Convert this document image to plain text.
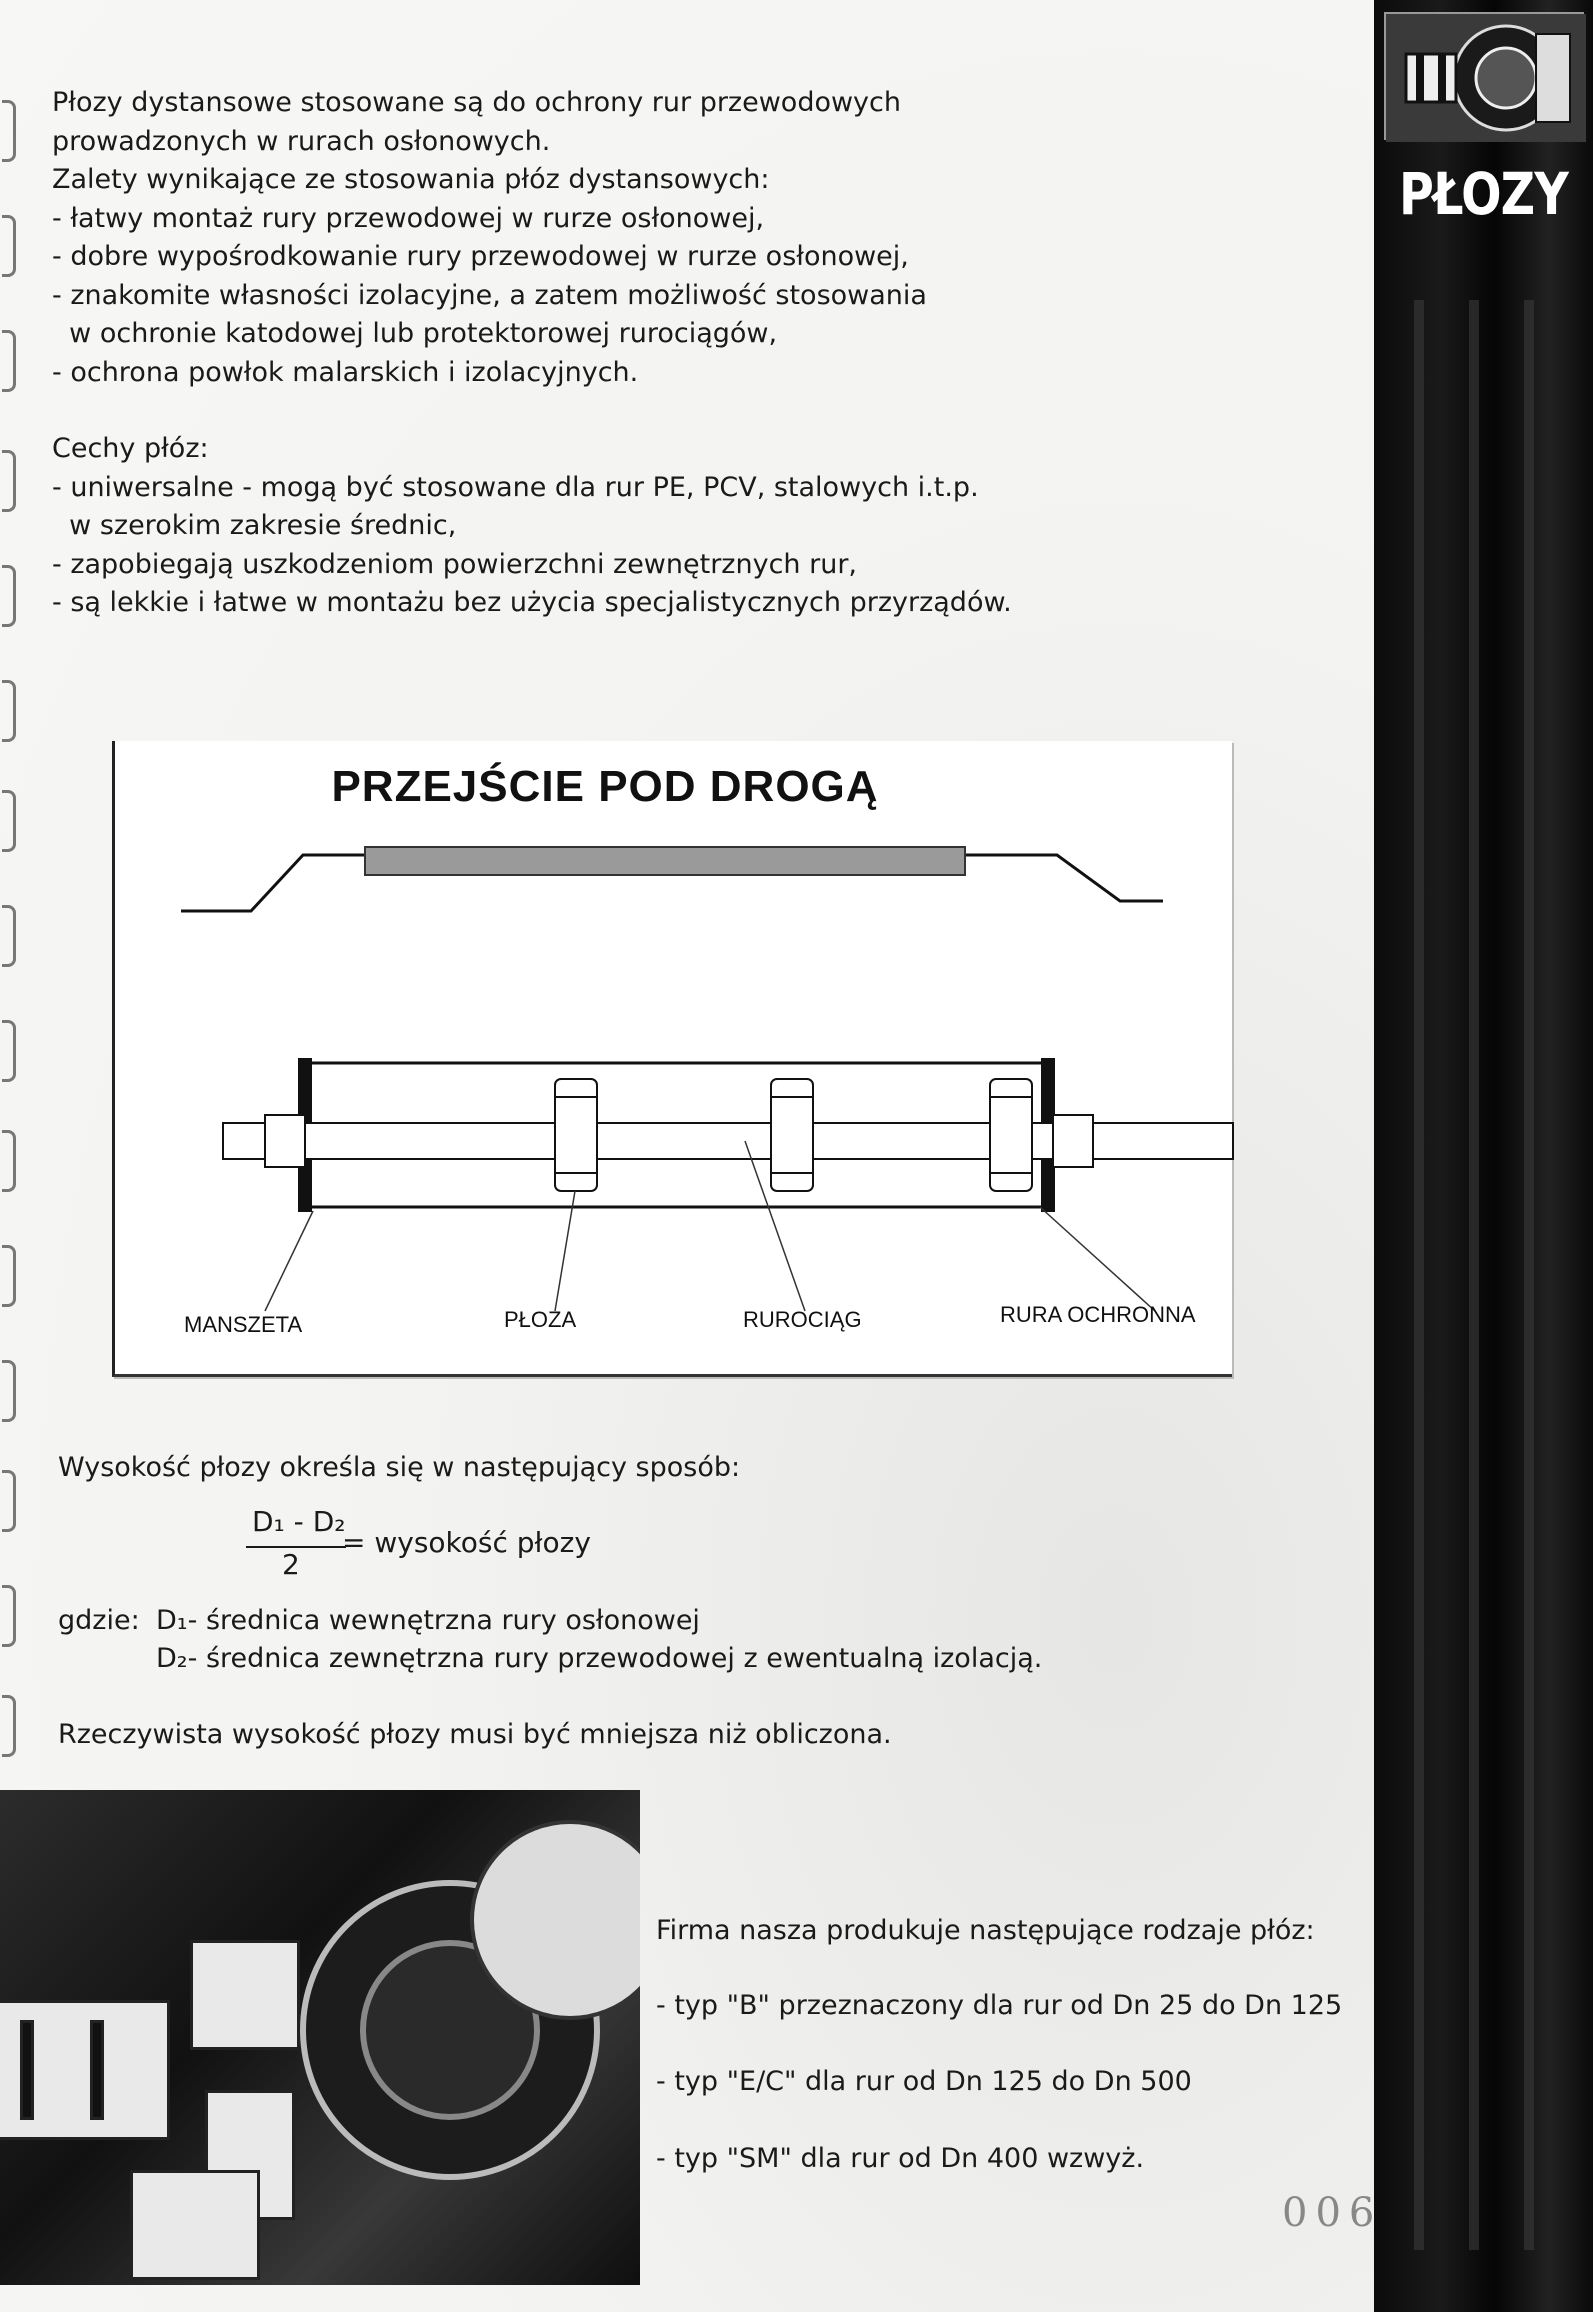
PŁOZY
Płozy dystansowe stosowane są do ochrony rur przewodowych
prowadzonych w rurach osłonowych.
Zalety wynikające ze stosowania płóz dystansowych:
- łatwy montaż rury przewodowej w rurze osłonowej,
- dobre wypośrodkowanie rury przewodowej w rurze osłonowej,
- znakomite własności izolacyjne, a zatem możliwość stosowania
w ochronie katodowej lub protektorowej rurociągów,
- ochrona powłok malarskich i izolacyjnych.
Cechy płóz:
- uniwersalne - mogą być stosowane dla rur PE, PCV, stalowych i.t.p.
w szerokim zakresie średnic,
- zapobiegają uszkodzeniom powierzchni zewnętrznych rur,
- są lekkie i łatwe w montażu bez użycia specjalistycznych przyrządów.
PRZEJŚCIE POD DROGĄ
MANSZETA	PŁOZA	RUROCIĄG	RURA OCHRONNA
Wysokość płozy określa się w następujący sposób:
D₁ - D₂
2
= wysokość płozy
gdzie: D₁- średnica wewnętrzna rury osłonowej
D₂- średnica zewnętrzna rury przewodowej z ewentualną izolacją.
Rzeczywista wysokość płozy musi być mniejsza niż obliczona.
Firma nasza produkuje następujące rodzaje płóz:
- typ "B" przeznaczony dla rur od Dn 25 do Dn 125
- typ "E/C" dla rur od Dn 125 do Dn 500
- typ "SM" dla rur od Dn 400 wzwyż.
006
